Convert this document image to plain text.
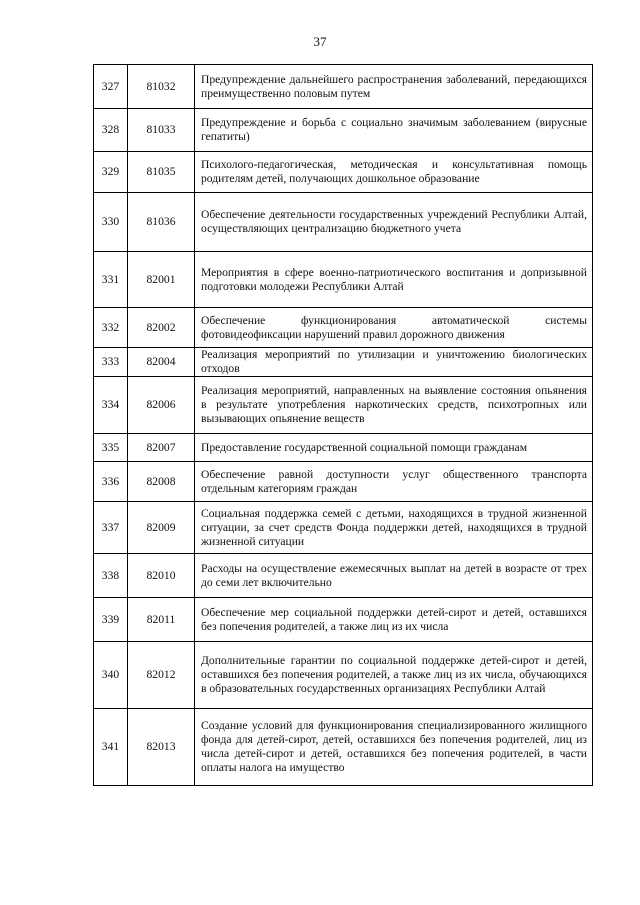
37
327	81032	Предупреждение дальнейшего распространения заболеваний, передающихся преимущественно половым путем

328	81033	Предупреждение и борьба с социально значимым заболеванием (вирусные гепатиты)

329	81035	Психолого-педагогическая, методическая и консультативная помощь родителям детей, получающих дошкольное образование

330	81036	Обеспечение деятельности государственных учреждений Республики Алтай, осуществляющих централизацию бюджетного учета

331	82001	Мероприятия в сфере военно-патриотического воспитания и допризывной подготовки молодежи Республики Алтай

332	82002	Обеспечение функционирования автоматической системы фотовидеофиксации нарушений правил дорожного движения

333	82004	Реализация мероприятий по утилизации и уничтожению биологических отходов

334	82006	Реализация мероприятий, направленных на выявление состояния опьянения в результате употребления наркотических средств, психотропных или вызывающих опьянение веществ

335	82007	Предоставление государственной социальной помощи гражданам

336	82008	Обеспечение равной доступности услуг общественного транспорта отдельным категориям граждан

337	82009	Социальная поддержка семей с детьми, находящихся в трудной жизненной ситуации, за счет средств Фонда поддержки детей, находящихся в трудной жизненной ситуации

338	82010	Расходы на осуществление ежемесячных выплат на детей в возрасте от трех до семи лет включительно

339	82011	Обеспечение мер социальной поддержки детей-сирот и детей, оставшихся без попечения родителей, а также лиц из их числа

340	82012	Дополнительные гарантии по социальной поддержке детей-сирот и детей, оставшихся без попечения родителей, а также лиц из их числа, обучающихся в образовательных государственных организациях Республики Алтай

341	82013	Создание условий для функционирования специализированного жилищного фонда для детей-сирот, детей, оставшихся без попечения родителей, лиц из числа детей-сирот и детей, оставшихся без попечения родителей, в части оплаты налога на имущество
